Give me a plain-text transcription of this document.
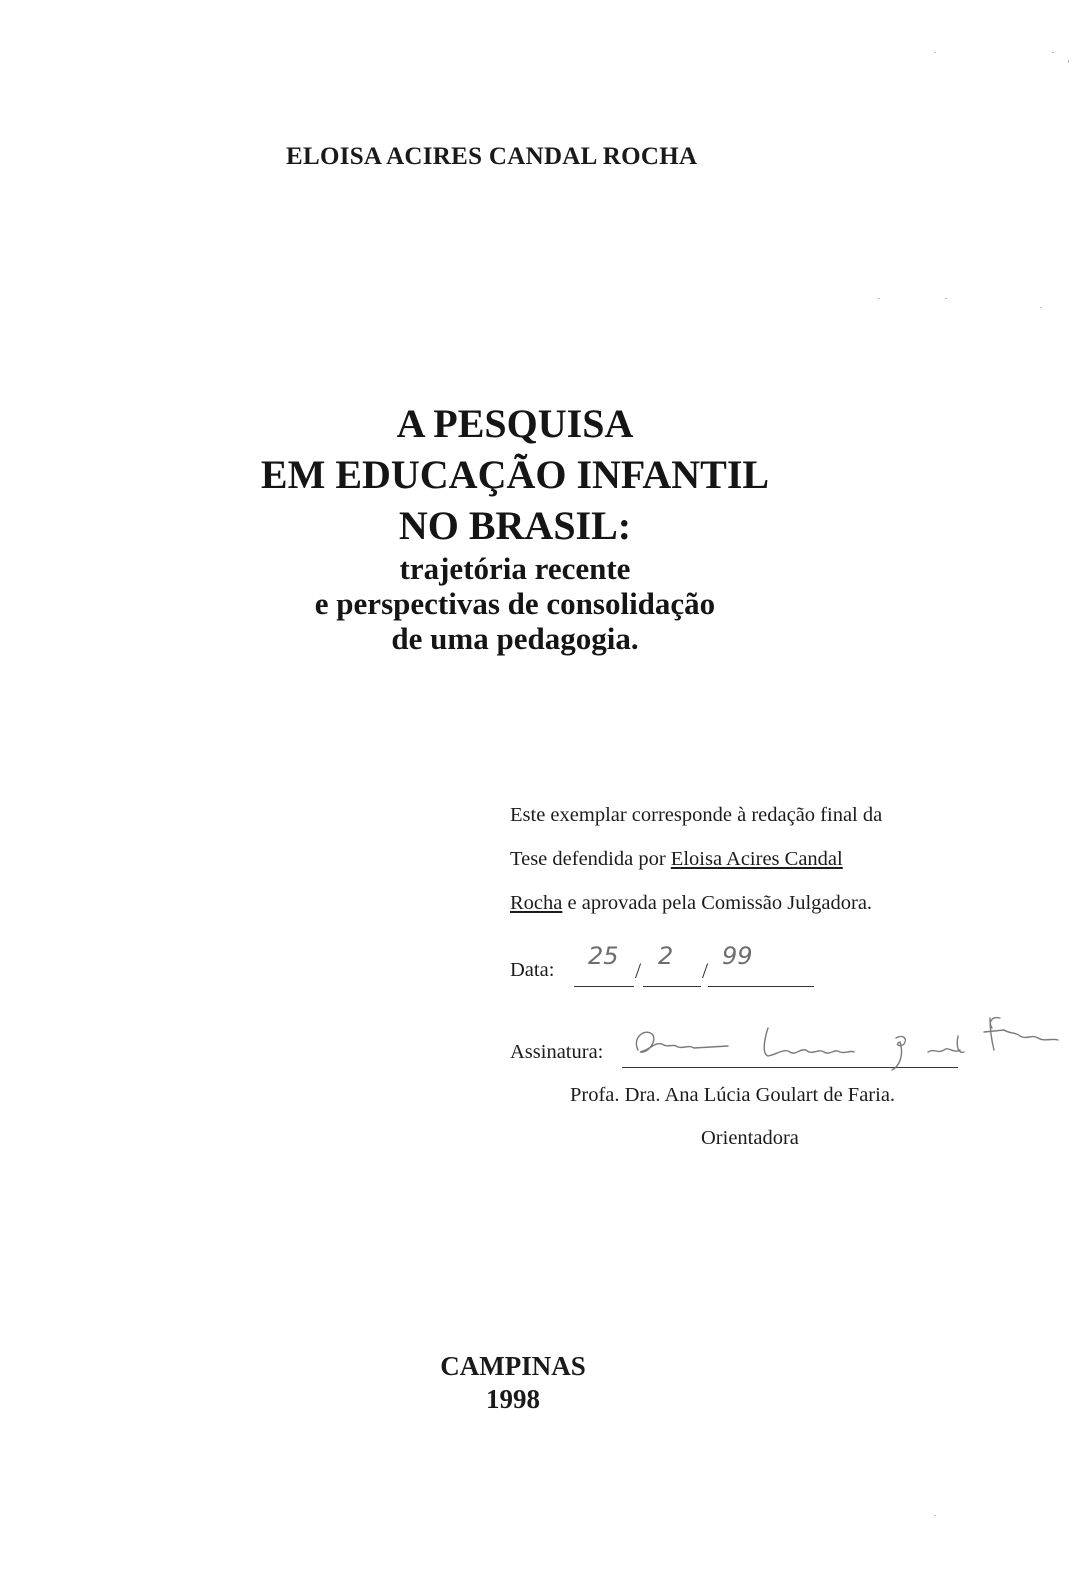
ELOISA ACIRES CANDAL ROCHA
A PESQUISA
EM EDUCAÇÃO INFANTIL
NO BRASIL:
trajetória recente
e perspectivas de consolidação
de uma pedagogia.
Este exemplar corresponde à redação final da
Tese defendida por Eloisa Acires Candal
Rocha e aprovada pela Comissão Julgadora.
Data: 25
/
2
/
99
Assinatura:
Profa. Dra. Ana Lúcia Goulart de Faria.
Orientadora
CAMPINAS
1998
